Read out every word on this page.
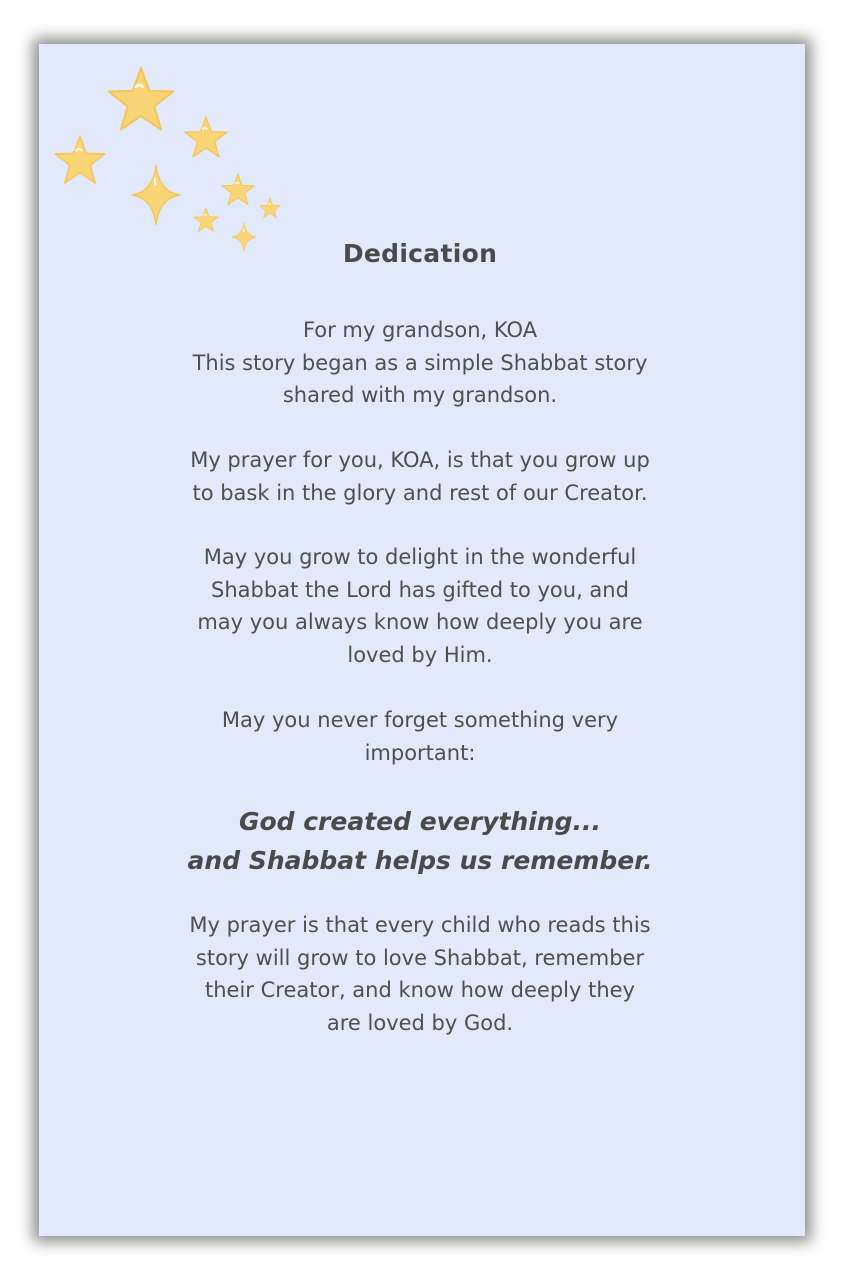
Dedication
For my grandson, KOA
This story began as a simple Shabbat story
shared with my grandson.
My prayer for you, KOA, is that you grow up
to bask in the glory and rest of our Creator.
May you grow to delight in the wonderful
Shabbat the Lord has gifted to you, and
may you always know how deeply you are
loved by Him.
May you never forget something very
important:
God created everything...
and Shabbat helps us remember.
My prayer is that every child who reads this
story will grow to love Shabbat, remember
their Creator, and know how deeply they
are loved by God.
